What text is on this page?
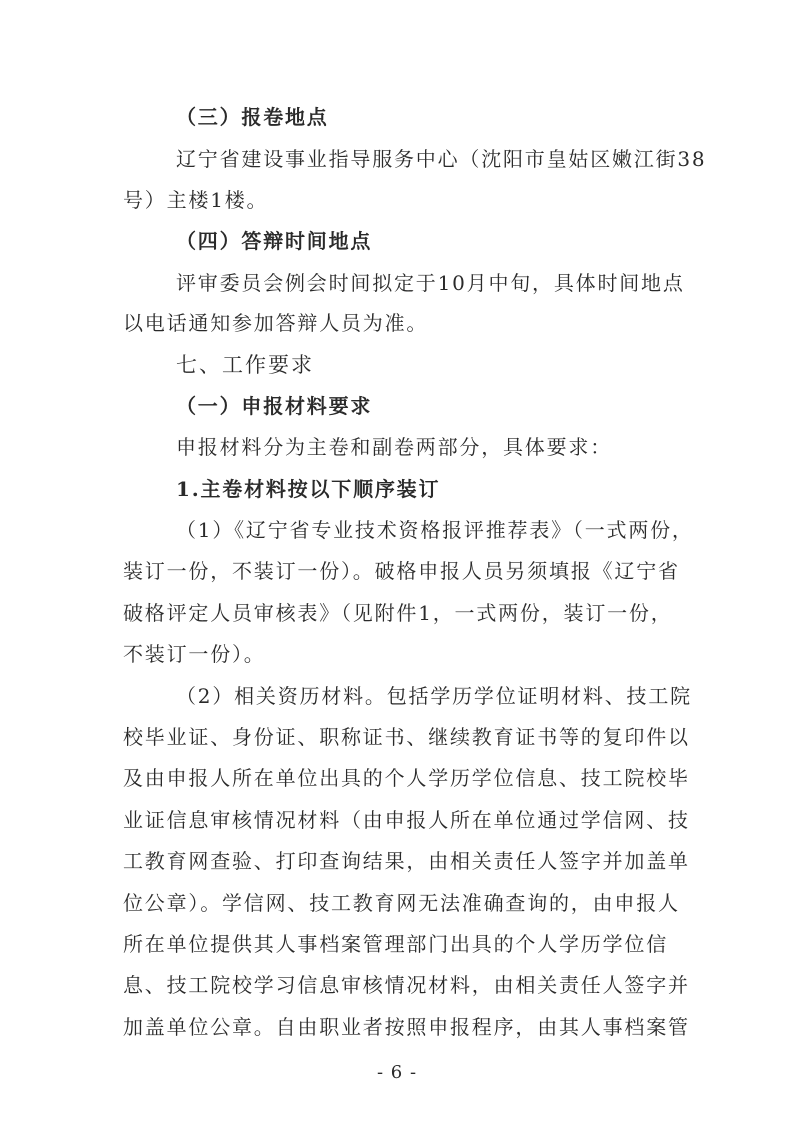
（三）报卷地点

辽宁省建设事业指导服务中心（沈阳市皇姑区嫩江街38

号）主楼1楼。

（四）答辩时间地点

评审委员会例会时间拟定于10月中旬，具体时间地点

以电话通知参加答辩人员为准。

七、工作要求

（一）申报材料要求

申报材料分为主卷和副卷两部分，具体要求：

1.主卷材料按以下顺序装订

（1）《辽宁省专业技术资格报评推荐表》（一式两份，

装订一份，不装订一份）。破格申报人员另须填报《辽宁省

破格评定人员审核表》（见附件1，一式两份，装订一份，

不装订一份）。

（2）相关资历材料。包括学历学位证明材料、技工院

校毕业证、身份证、职称证书、继续教育证书等的复印件以

及由申报人所在单位出具的个人学历学位信息、技工院校毕

业证信息审核情况材料（由申报人所在单位通过学信网、技

工教育网查验、打印查询结果，由相关责任人签字并加盖单

位公章）。学信网、技工教育网无法准确查询的，由申报人

所在单位提供其人事档案管理部门出具的个人学历学位信

息、技工院校学习信息审核情况材料，由相关责任人签字并

加盖单位公章。自由职业者按照申报程序，由其人事档案管

- 6 -
